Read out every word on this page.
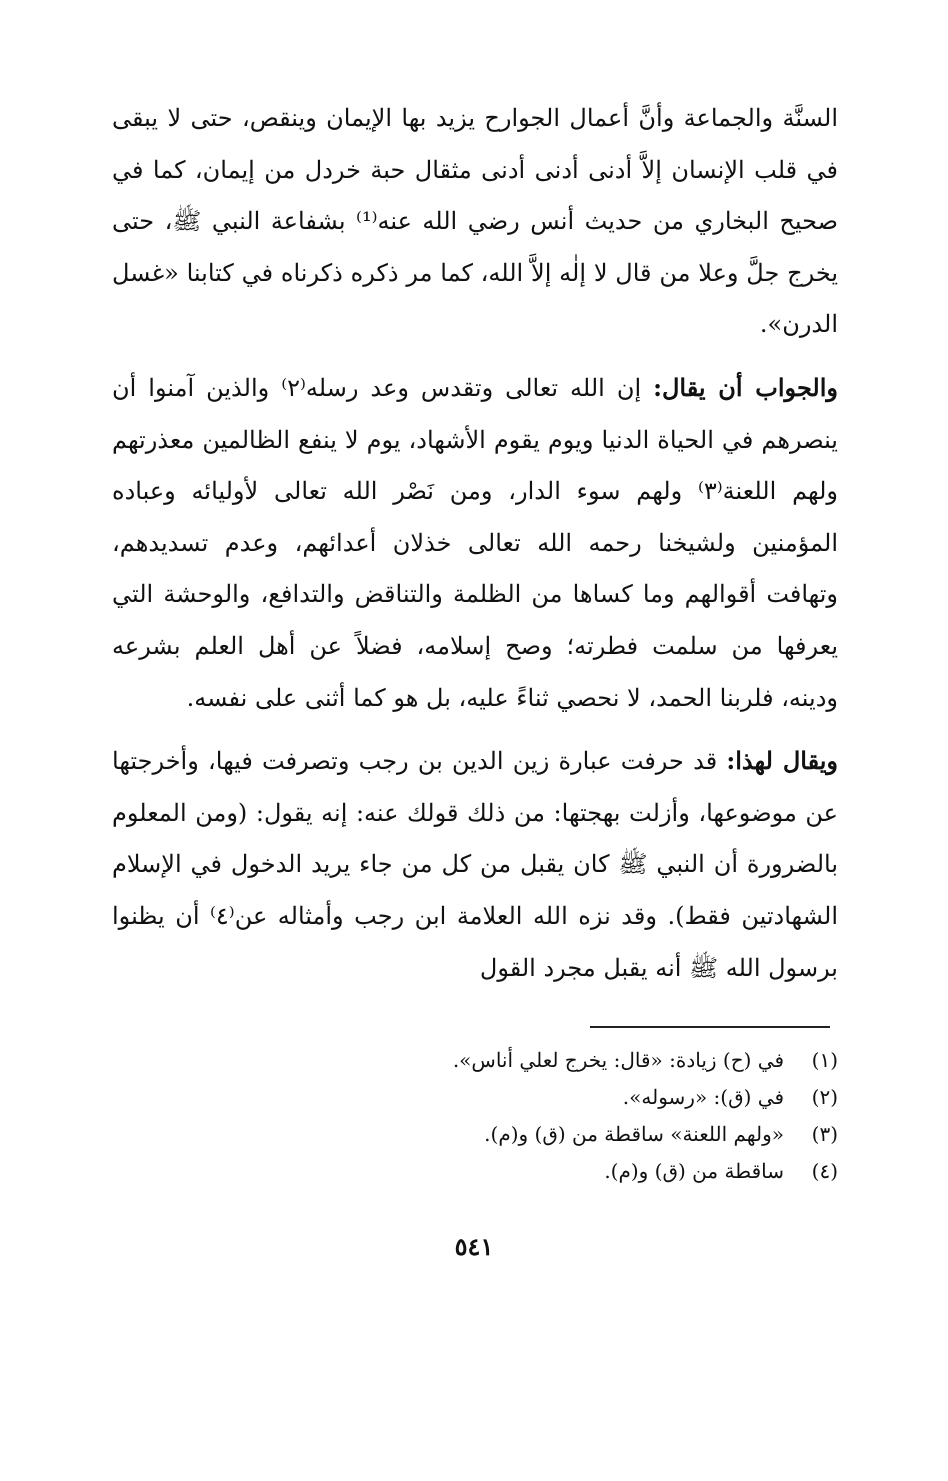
السنَّة والجماعة وأنَّ أعمال الجوارح يزيد بها الإيمان وينقص، حتى لا يبقى في قلب الإنسان إلاَّ أدنى أدنى أدنى مثقال حبة خردل من إيمان، كما في صحيح البخاري من حديث أنس رضي الله عنه⁽¹⁾ بشفاعة النبي ﷺ، حتى يخرج جلَّ وعلا من قال لا إلٰه إلاَّ الله، كما مر ذكره ذكرناه في كتابنا «غسل الدرن».

والجواب أن يقال: إن الله تعالى وتقدس وعد رسله⁽٢⁾ والذين آمنوا أن ينصرهم في الحياة الدنيا ويوم يقوم الأشهاد، يوم لا ينفع الظالمين معذرتهم ولهم اللعنة⁽٣⁾ ولهم سوء الدار، ومن نَصْر الله تعالى لأوليائه وعباده المؤمنين ولشيخنا رحمه الله تعالى خذلان أعدائهم، وعدم تسديدهم، وتهافت أقوالهم وما كساها من الظلمة والتناقض والتدافع، والوحشة التي يعرفها من سلمت فطرته؛ وصح إسلامه، فضلاً عن أهل العلم بشرعه ودينه، فلربنا الحمد، لا نحصي ثناءً عليه، بل هو كما أثنى على نفسه.

ويقال لهذا: قد حرفت عبارة زين الدين بن رجب وتصرفت فيها، وأخرجتها عن موضوعها، وأزلت بهجتها: من ذلك قولك عنه: إنه يقول: (ومن المعلوم بالضرورة أن النبي ﷺ كان يقبل من كل من جاء يريد الدخول في الإسلام الشهادتين فقط). وقد نزه الله العلامة ابن رجب وأمثاله عن⁽٤⁾ أن يظنوا برسول الله ﷺ أنه يقبل مجرد القول

(١)في (ح) زيادة: «قال: يخرج لعلي أناس».
(٢)في (ق): «رسوله».
(٣)«ولهم اللعنة» ساقطة من (ق) و(م).
(٤)ساقطة من (ق) و(م).
٥٤١
